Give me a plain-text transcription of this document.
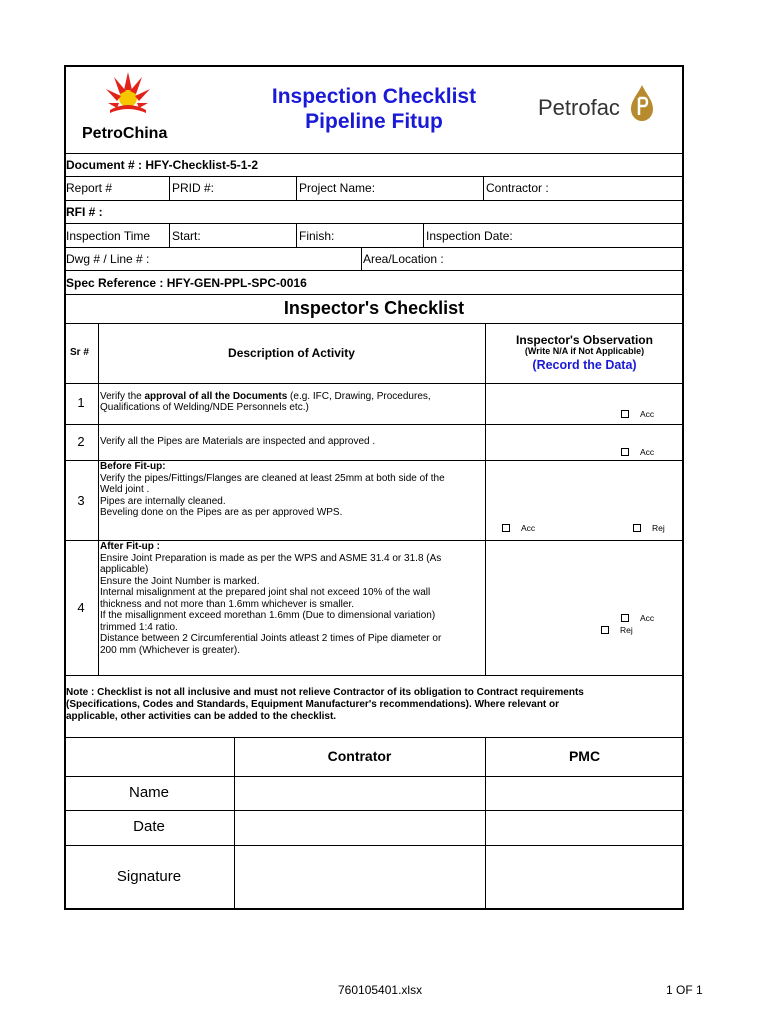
PetroChina
Inspection Checklist
Pipeline Fitup
Petrofac
Document # : HFY-Checklist-5-1-2
Report #	PRID #:	Project Name:	Contractor :
RFI # :
Inspection Time Start:	Finish:	Inspection Date:
Dwg # / Line # :	Area/Location :
Spec Reference : HFY-GEN-PPL-SPC-0016
Inspector's Checklist
Sr #	Description of Activity
Inspector's Observation
(Write N/A if Not Applicable)
(Record the Data)
1	Verify the approval of all the Documents (e.g. IFC, Drawing, Procedures,
Qualifications of Welding/NDE Personnels etc.)
Acc
2	Verify all the Pipes are Materials are inspected and approved .
Acc
3
Before Fit-up:
Verify the pipes/Fittings/Flanges are cleaned at least 25mm at both side of the
Weld joint .
Pipes are internally cleaned.
Beveling done on the Pipes are as per approved WPS.
Acc	Rej
4
After Fit-up :
Ensire Joint Preparation is made as per the WPS and ASME 31.4 or 31.8 (As
applicable)
Ensure the Joint Number is marked.
Internal misalignment at the prepared joint shal not exceed 10% of the wall
thickness and not more than 1.6mm whichever is smaller.
If the misallignment exceed morethan 1.6mm (Due to dimensional variation)
trimmed 1:4 ratio.
Distance between 2 Circumferential Joints atleast 2 times of Pipe diameter or
200 mm (Whichever is greater).
Acc
Rej
Note : Checklist is not all inclusive and must not relieve Contractor of its obligation to Contract requirements
(Specifications, Codes and Standards, Equipment Manufacturer's recommendations). Where relevant or
applicable, other activities can be added to the checklist.
Contrator	PMC
Name
Date
Signature
760105401.xlsx	1 OF 1
